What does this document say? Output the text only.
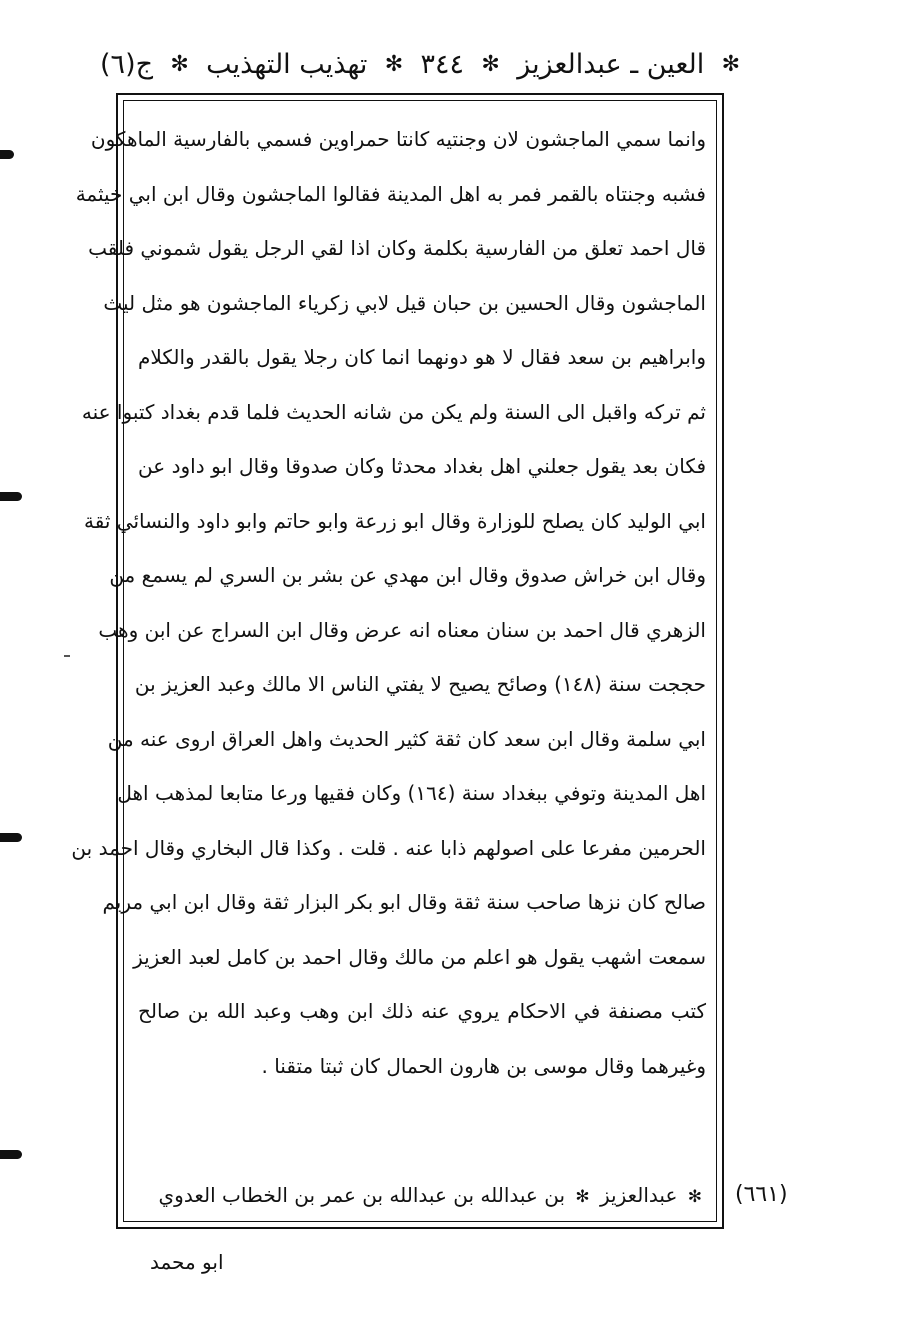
ج(٦) ✻ تهذيب التهذيب ✻ ٣٤٤ ✻ العين ـ عبدالعزيز ✻
وانما سمي الماجشون لان وجنتيه كانتا حمراوين فسمي بالفارسية الماهكون
فشبه وجنتاه بالقمر فمر به اهل المدينة فقالوا الماجشون وقال ابن ابي خيثمة
قال احمد تعلق من الفارسية بكلمة وكان اذا لقي الرجل يقول شموني فلقب
الماجشون وقال الحسين بن حبان قيل لابي زكرياء الماجشون هو مثل ليث
وابراهيم بن سعد فقال لا هو دونهما انما كان رجلا يقول بالقدر والكلام
ثم تركه واقبل الى السنة ولم يكن من شانه الحديث فلما قدم بغداد كتبوا عنه
فكان بعد يقول جعلني اهل بغداد محدثا وكان صدوقا وقال ابو داود عن
ابي الوليد كان يصلح للوزارة وقال ابو زرعة وابو حاتم وابو داود والنسائي ثقة
وقال ابن خراش صدوق وقال ابن مهدي عن بشر بن السري لم يسمع من
الزهري قال احمد بن سنان معناه انه عرض وقال ابن السراج عن ابن وهب
حججت سنة (١٤٨) وصائح يصيح لا يفتي الناس الا مالك وعبد العزيز بن
ابي سلمة وقال ابن سعد كان ثقة كثير الحديث واهل العراق اروى عنه من
اهل المدينة وتوفي ببغداد سنة (١٦٤) وكان فقيها ورعا متابعا لمذهب اهل
الحرمين مفرعا على اصولهم ذابا عنه . قلت . وكذا قال البخاري وقال احمد بن
صالح كان نزها صاحب سنة ثقة وقال ابو بكر البزار ثقة وقال ابن ابي مريم
سمعت اشهب يقول هو اعلم من مالك وقال احمد بن كامل لعبد العزيز
كتب مصنفة في الاحكام يروي عنه ذلك ابن وهب وعبد الله بن صالح
وغيرهما وقال موسى بن هارون الحمال كان ثبتا متقنا .
✻ عبدالعزيز ✻ بن عبدالله بن عبدالله بن عمر بن الخطاب العدوي	(٦٦١)
ابو محمد
